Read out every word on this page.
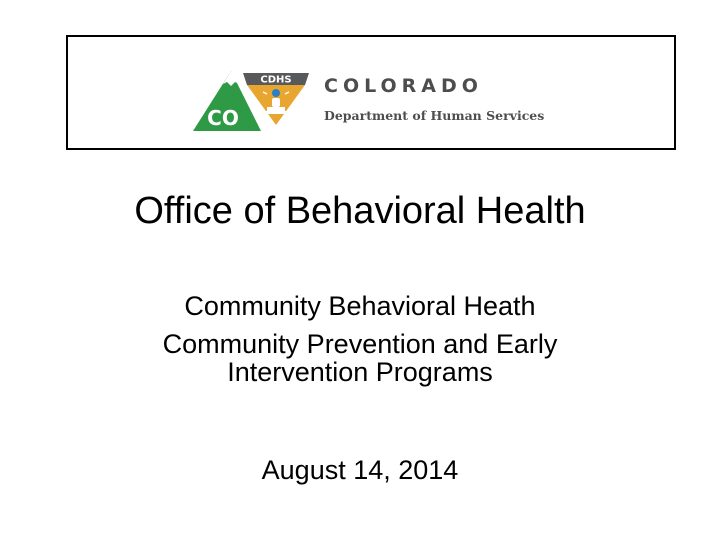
CDHS
CO
COLORADO
Department of Human Services
Office of Behavioral Health
Community Behavioral Heath
Community Prevention and Early
Intervention Programs
August 14, 2014
